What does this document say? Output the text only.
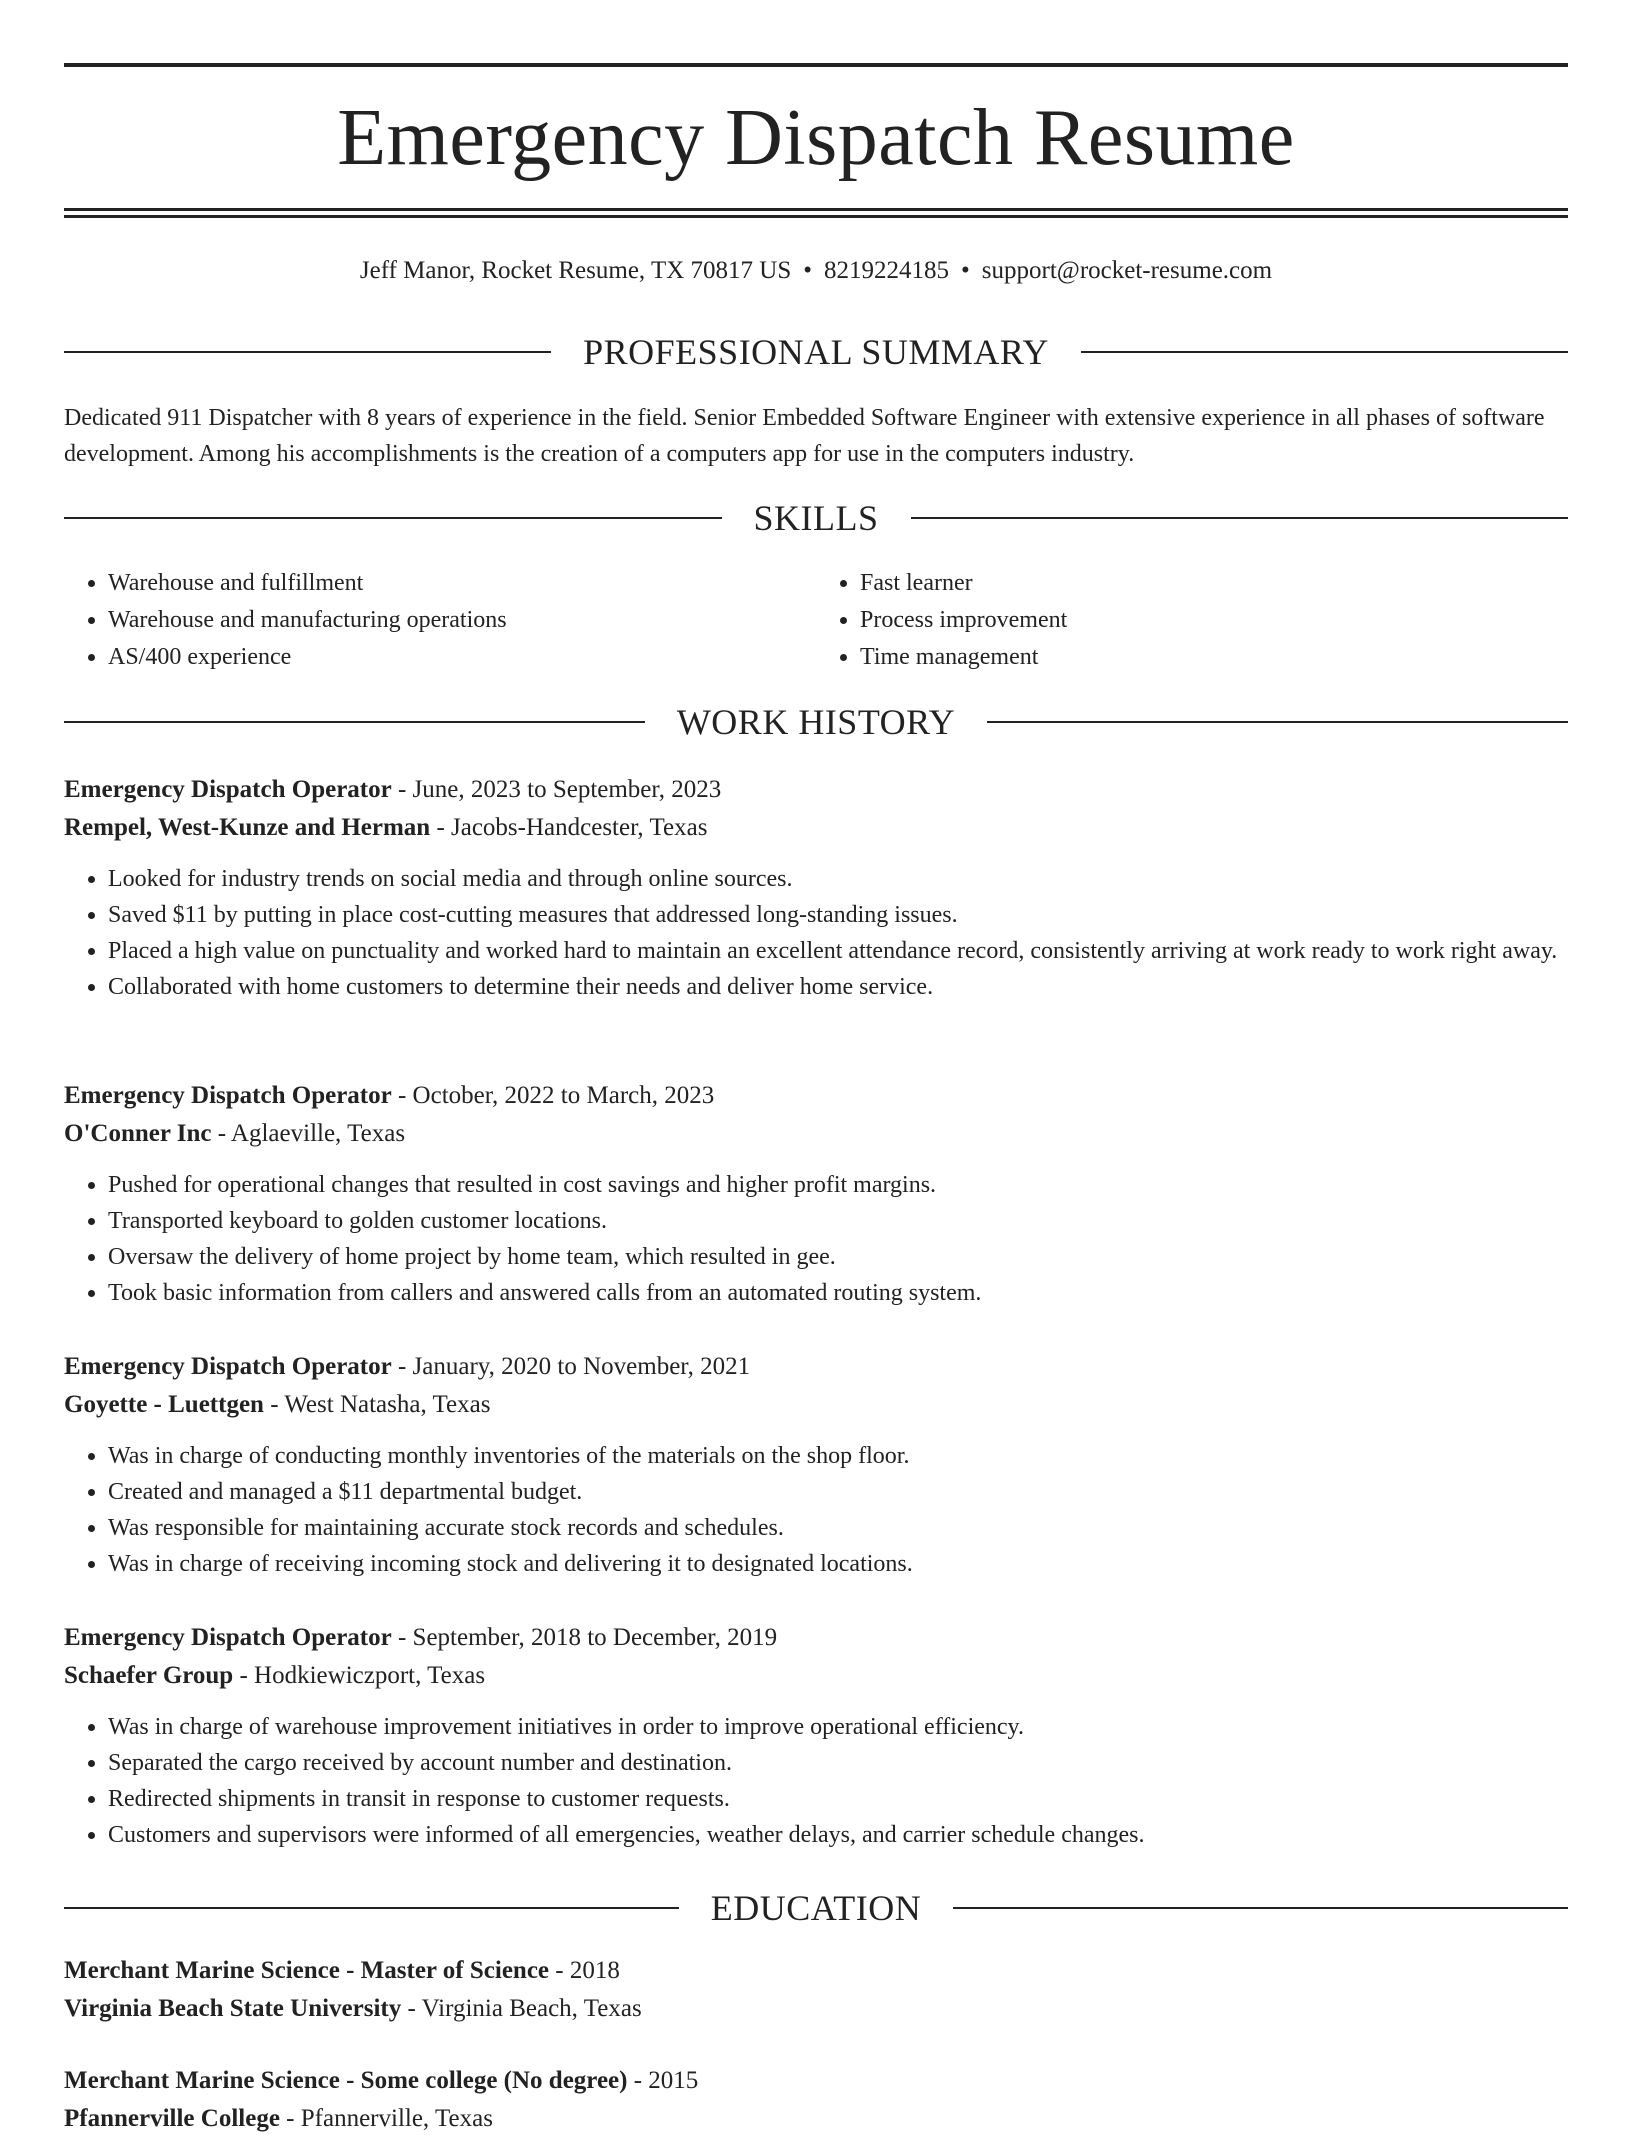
Emergency Dispatch Resume
Jeff Manor, Rocket Resume, TX 70817 US • 8219224185 • support@rocket-resume.com
PROFESSIONAL SUMMARY

Dedicated 911 Dispatcher with 8 years of experience in the field. Senior Embedded Software Engineer with extensive experience in all phases of software development. Among his accomplishments is the creation of a computers app for use in the computers industry.

SKILLS
• Warehouse and fulfillment
• Warehouse and manufacturing operations
• AS/400 experience
• Fast learner
• Process improvement
• Time management
WORK HISTORY
Emergency Dispatch Operator - June, 2023 to September, 2023
Rempel, West-Kunze and Herman - Jacobs-Handcester, Texas
• Looked for industry trends on social media and through online sources.
• Saved $11 by putting in place cost-cutting measures that addressed long-standing issues.
• Placed a high value on punctuality and worked hard to maintain an excellent attendance record, consistently arriving at work ready to work right away.
• Collaborated with home customers to determine their needs and deliver home service.
Emergency Dispatch Operator - October, 2022 to March, 2023
O'Conner Inc - Aglaeville, Texas
• Pushed for operational changes that resulted in cost savings and higher profit margins.
• Transported keyboard to golden customer locations.
• Oversaw the delivery of home project by home team, which resulted in gee.
• Took basic information from callers and answered calls from an automated routing system.
Emergency Dispatch Operator - January, 2020 to November, 2021
Goyette - Luettgen - West Natasha, Texas
• Was in charge of conducting monthly inventories of the materials on the shop floor.
• Created and managed a $11 departmental budget.
• Was responsible for maintaining accurate stock records and schedules.
• Was in charge of receiving incoming stock and delivering it to designated locations.
Emergency Dispatch Operator - September, 2018 to December, 2019
Schaefer Group - Hodkiewiczport, Texas
• Was in charge of warehouse improvement initiatives in order to improve operational efficiency.
• Separated the cargo received by account number and destination.
• Redirected shipments in transit in response to customer requests.
• Customers and supervisors were informed of all emergencies, weather delays, and carrier schedule changes.
EDUCATION
Merchant Marine Science - Master of Science - 2018
Virginia Beach State University - Virginia Beach, Texas
Merchant Marine Science - Some college (No degree) - 2015
Pfannerville College - Pfannerville, Texas
